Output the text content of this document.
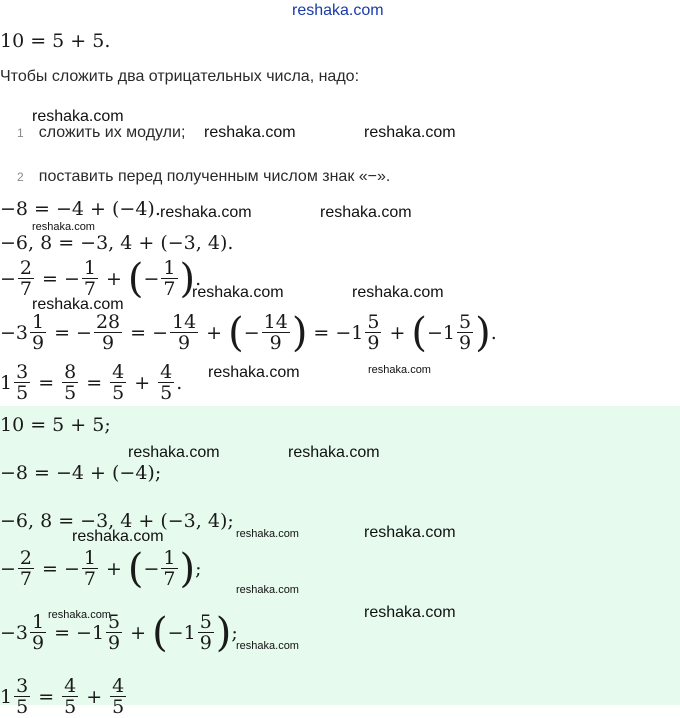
reshaka.com
10 = 5 + 5.
Чтобы сложить два отрицательных числа, надо:
1 сложить их модули;
2 поставить перед полученным числом знак «−».
−8 = −4 + (−4).
−6, 8 = −3, 4 + (−3, 4).
− $\frac{2}{7}$ = − $\frac{1}{7}$ + ( − $\frac{1}{7}$ ) .
$-3 \frac{1}{9}$ = − $\frac{28}{9}$ = − $\frac{14}{9}$ + ( − $\frac{14}{9}$ ) = $-1 \frac{5}{9}$ + ( $-1 \frac{5}{9}$ ) .
$1 \frac{3}{5} = \frac{8}{5} = \frac{4}{5} + \frac{4}{5}$ .
10 = 5 + 5;
−8 = −4 + (−4);
−6, 8 = −3, 4 + (−3, 4);
− $\frac{2}{7}$ = − $\frac{1}{7}$ + ( − $\frac{1}{7}$ ) ;
$-3 \frac{1}{9} = -1 \frac{5}{9}$ + ( $-1 \frac{5}{9}$ ) ;
$1 \frac{3}{5} = \frac{4}{5} + \frac{4}{5}$
reshaka.com
reshaka.com	reshaka.com
reshaka.com	reshaka.com
reshaka.com
reshaka.com	reshaka.com
reshaka.com
reshaka.com	reshaka.com
reshaka.com	reshaka.com
reshaka.com	reshaka.com	reshaka.com
reshaka.com
reshaka.com	reshaka.com
reshaka.com
